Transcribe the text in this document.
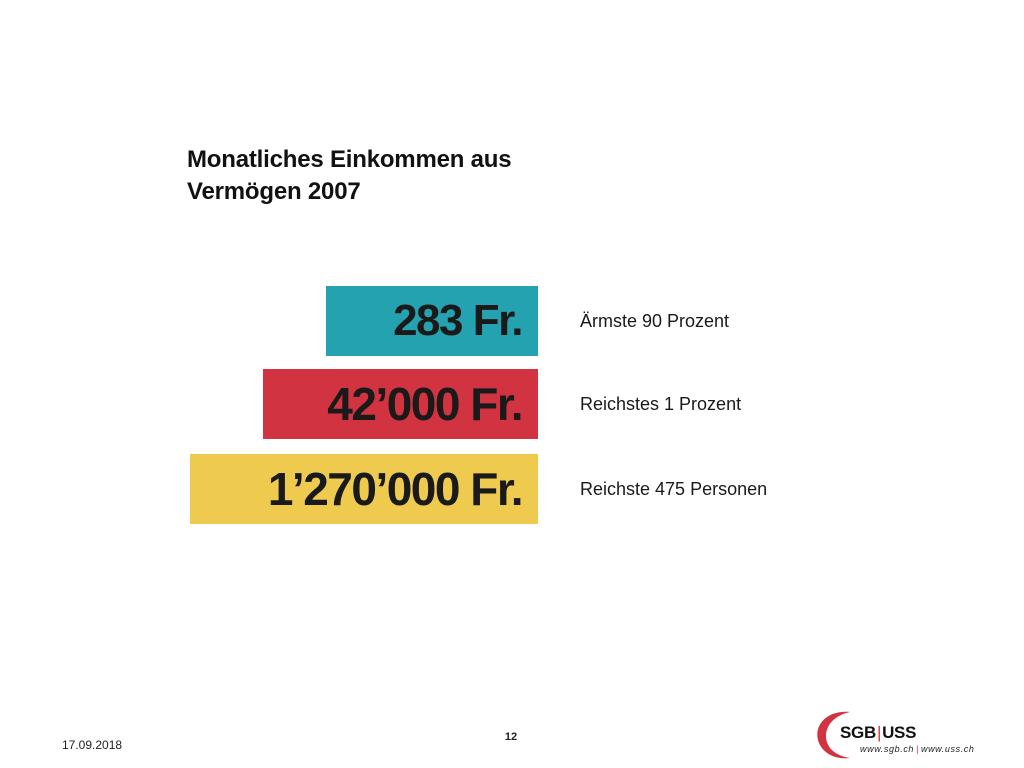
Monatliches Einkommen aus
Vermögen 2007
283 Fr.	Ärmste 90 Prozent
42’000 Fr.	Reichstes 1 Prozent
1’270’000 Fr.	Reichste 475 Personen
17.09.2018
12	SGB|USS
www.sgb.ch | www.uss.ch
